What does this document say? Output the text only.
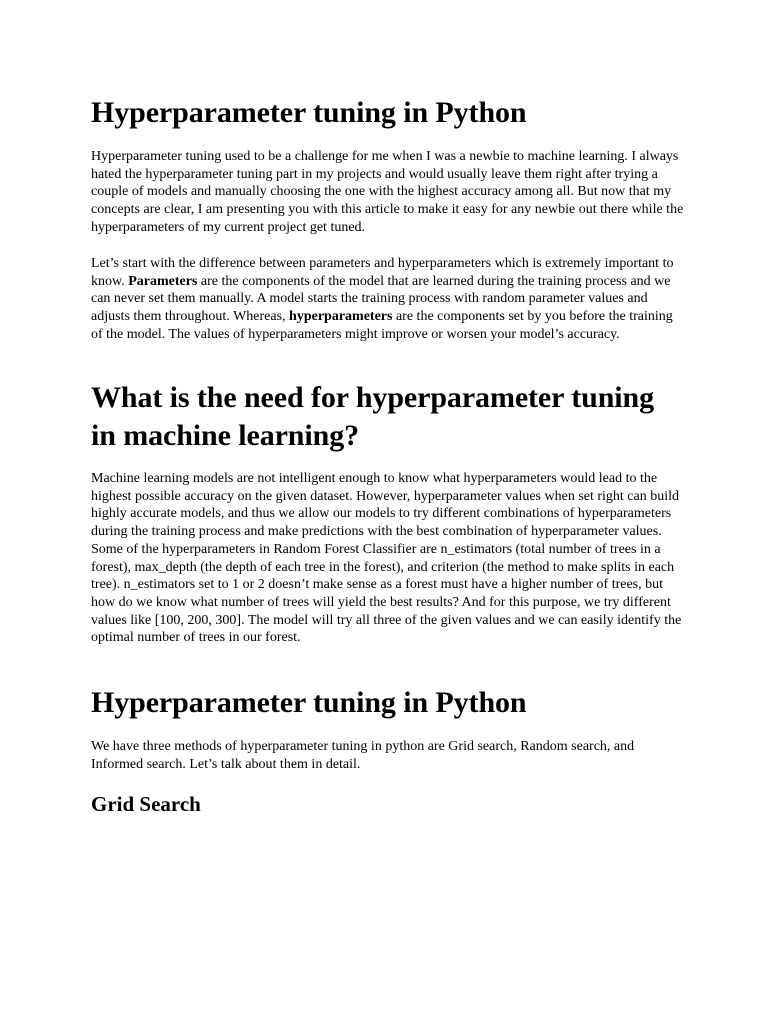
Hyperparameter tuning in Python

Hyperparameter tuning used to be a challenge for me when I was a newbie to machine learning. I always hated the hyperparameter tuning part in my projects and would usually leave them right after trying a couple of models and manually choosing the one with the highest accuracy among all. But now that my concepts are clear, I am presenting you with this article to make it easy for any newbie out there while the hyperparameters of my current project get tuned.

Let’s start with the difference between parameters and hyperparameters which is extremely important to know. Parameters are the components of the model that are learned during the training process and we can never set them manually. A model starts the training process with random parameter values and adjusts them throughout. Whereas, hyperparameters are the components set by you before the training of the model. The values of hyperparameters might improve or worsen your model’s accuracy.

What is the need for hyperparameter tuning in machine learning?

Machine learning models are not intelligent enough to know what hyperparameters would lead to the highest possible accuracy on the given dataset. However, hyperparameter values when set right can build highly accurate models, and thus we allow our models to try different combinations of hyperparameters during the training process and make predictions with the best combination of hyperparameter values. Some of the hyperparameters in Random Forest Classifier are n_estimators (total number of trees in a forest), max_depth (the depth of each tree in the forest), and criterion (the method to make splits in each tree). n_estimators set to 1 or 2 doesn’t make sense as a forest must have a higher number of trees, but how do we know what number of trees will yield the best results? And for this purpose, we try different values like [100, 200, 300]. The model will try all three of the given values and we can easily identify the optimal number of trees in our forest.

Hyperparameter tuning in Python

We have three methods of hyperparameter tuning in python are Grid search, Random search, and Informed search. Let’s talk about them in detail.

Grid Search
